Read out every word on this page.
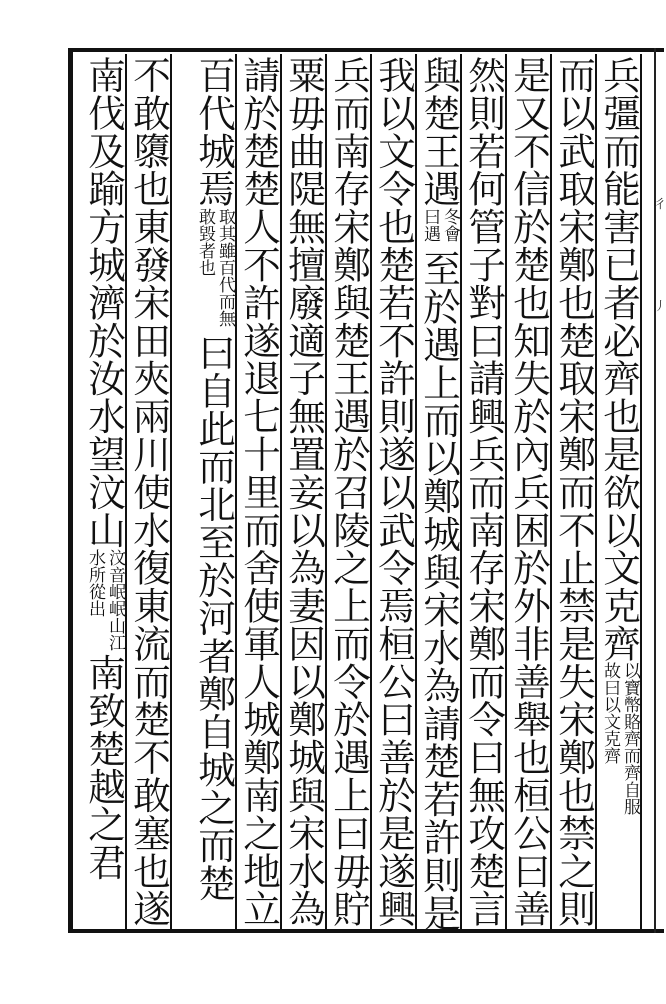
彳
丿
兵彊而能害已者必齊也是欲以文克齊以寶幣賂齊而齊自服故曰以文克齊
而以武取宋鄭也楚取宋鄭而不止禁是失宋鄭也禁之則
是又不信於楚也知失於內兵困於外非善舉也桓公曰善
然則若何管子對曰請興兵而南存宋鄭而令曰無攻楚言
與楚王遇冬會曰遇至於遇上而以鄭城與宋水為請楚若許則是
我以文令也楚若不許則遂以武令焉桓公曰善於是遂興
兵而南存宋鄭與楚王遇於召陵之上而令於遇上曰毋貯
粟毋曲隄無擅廢適子無置妾以為妻因以鄭城與宋水為
請於楚楚人不許遂退七十里而舍使軍人城鄭南之地立
百代城焉取其雖百代而無敢毀者也曰自此而北至於河者鄭自城之而楚
不敢隳也東發宋田夾兩川使水復東流而楚不敢塞也遂
南伐及踰方城濟於汝水望汶山汶音岷岷山江水所從出南致楚越之君
